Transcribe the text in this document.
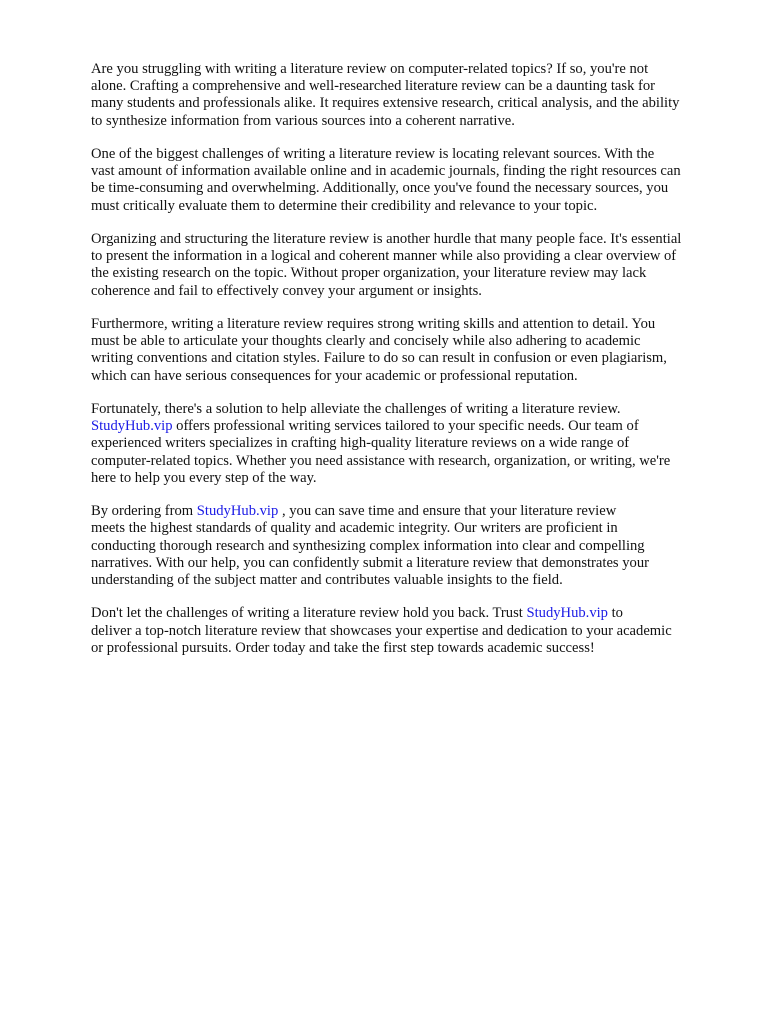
Are you struggling with writing a literature review on computer-related topics? If so, you're not
alone. Crafting a comprehensive and well-researched literature review can be a daunting task for
many students and professionals alike. It requires extensive research, critical analysis, and the ability
to synthesize information from various sources into a coherent narrative.

One of the biggest challenges of writing a literature review is locating relevant sources. With the
vast amount of information available online and in academic journals, finding the right resources can
be time-consuming and overwhelming. Additionally, once you've found the necessary sources, you
must critically evaluate them to determine their credibility and relevance to your topic.

Organizing and structuring the literature review is another hurdle that many people face. It's essential
to present the information in a logical and coherent manner while also providing a clear overview of
the existing research on the topic. Without proper organization, your literature review may lack
coherence and fail to effectively convey your argument or insights.

Furthermore, writing a literature review requires strong writing skills and attention to detail. You
must be able to articulate your thoughts clearly and concisely while also adhering to academic
writing conventions and citation styles. Failure to do so can result in confusion or even plagiarism,
which can have serious consequences for your academic or professional reputation.

Fortunately, there's a solution to help alleviate the challenges of writing a literature review.
StudyHub.vip offers professional writing services tailored to your specific needs. Our team of
experienced writers specializes in crafting high-quality literature reviews on a wide range of
computer-related topics. Whether you need assistance with research, organization, or writing, we're
here to help you every step of the way.

By ordering from StudyHub.vip , you can save time and ensure that your literature review
meets the highest standards of quality and academic integrity. Our writers are proficient in
conducting thorough research and synthesizing complex information into clear and compelling
narratives. With our help, you can confidently submit a literature review that demonstrates your
understanding of the subject matter and contributes valuable insights to the field.

Don't let the challenges of writing a literature review hold you back. Trust StudyHub.vip to
deliver a top-notch literature review that showcases your expertise and dedication to your academic
or professional pursuits. Order today and take the first step towards academic success!
